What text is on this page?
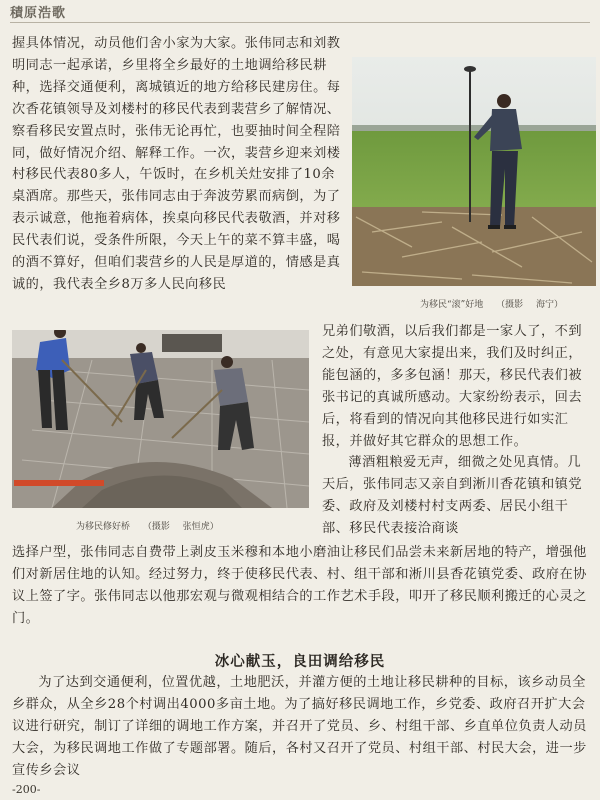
積原浩歌

握具体情况，动员他们舍小家为大家。张伟同志和刘教明同志一起承诺，乡里将全乡最好的土地调给移民耕种，选择交通便利，离城镇近的地方给移民建房住。每次香花镇领导及刘楼村的移民代表到裴营乡了解情况、察看移民安置点时，张伟无论再忙，也要抽时间全程陪同，做好情况介绍、解释工作。一次，裴营乡迎来刘楼村移民代表80多人，午饭时，在乡机关灶安排了10余桌酒席。那些天，张伟同志由于奔波劳累而病倒，为了表示诚意，他拖着病体，挨桌向移民代表敬酒，并对移民代表们说，受条件所限，今天上午的菜不算丰盛，喝的酒不算好，但咱们裴营乡的人民是厚道的，情感是真诚的，我代表全乡8万多人民向移民

为移民“滚”好地 （摄影 海宁）
为移民修好桥 （摄影 张恒虎）

兄弟们敬酒，以后我们都是一家人了，不到之处，有意见大家提出来，我们及时纠正，能包涵的，多多包涵！那天，移民代表们被张书记的真诚所感动。大家纷纷表示，回去后，将看到的情况向其他移民进行如实汇报，并做好其它群众的思想工作。

薄酒粗粮爱无声，细微之处见真情。几天后，张伟同志又亲自到淅川香花镇和镇党委、政府及刘楼村村支两委、居民小组干部、移民代表接洽商谈

选择户型，张伟同志自费带上剥皮玉米穆和本地小磨油让移民们品尝未来新居地的特产，增强他们对新居住地的认知。经过努力，终于使移民代表、村、组干部和淅川县香花镇党委、政府在协议上签了字。张伟同志以他那宏观与微观相结合的工作艺术手段，叩开了移民顺利搬迁的心灵之门。

冰心献玉，良田调给移民

为了达到交通便利，位置优越，土地肥沃，并灌方便的土地让移民耕种的目标，该乡动员全乡群众，从全乡28个村调出4000多亩土地。为了搞好移民调地工作，乡党委、政府召开扩大会议进行研究，制订了详细的调地工作方案，并召开了党员、乡、村组干部、乡直单位负责人动员大会，为移民调地工作做了专题部署。随后，各村又召开了党员、村组干部、村民大会，进一步宣传乡会议

-200-
